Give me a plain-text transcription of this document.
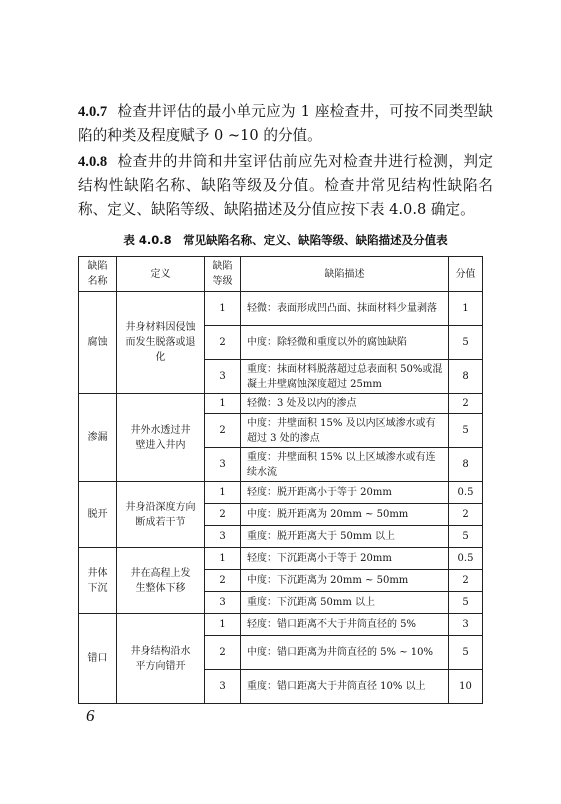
4.0.7 检查井评估的最小单元应为 1 座检查井，可按不同类型缺陷的种类及程度赋予 0 ~10 的分值。

4.0.8 检查井的井筒和井室评估前应先对检查井进行检测，判定结构性缺陷名称、缺陷等级及分值。检查井常见结构性缺陷名称、定义、缺陷等级、缺陷描述及分值应按下表 4.0.8 确定。

表 4.0.8　常见缺陷名称、定义、缺陷等级、缺陷描述及分值表
缺陷名称	定义	缺陷等级	缺陷描述	分值
腐蚀	井身材料因侵蚀而发生脱落或退化	1	轻微：表面形成凹凸面、抹面材料少量剥落	1
		2	中度：除轻微和重度以外的腐蚀缺陷	5
		3	重度：抹面材料脱落超过总表面积 50%或混凝土井壁腐蚀深度超过 25mm	8
渗漏	井外水透过井壁进入井内	1	轻微：3 处及以内的渗点	2
		2	中度：井壁面积 15% 及以内区域渗水或有超过 3 处的渗点	5
		3	重度：井壁面积 15% 以上区域渗水或有连续水流	8
脱开	井身沿深度方向断成若干节	1	轻度：脱开距离小于等于 20mm	0.5
		2	中度：脱开距离为 20mm ~ 50mm	2
		3	重度：脱开距离大于 50mm 以上	5
井体下沉	井在高程上发生整体下移	1	轻度：下沉距离小于等于 20mm	0.5
		2	中度：下沉距离为 20mm ~ 50mm	2
		3	重度：下沉距离 50mm 以上	5
错口	井身结构沿水平方向错开	1	轻度：错口距离不大于井筒直径的 5%	3
		2	中度：错口距离为井筒直径的 5% ~ 10%	5
		3	重度：错口距离大于井筒直径 10% 以上	10
6
